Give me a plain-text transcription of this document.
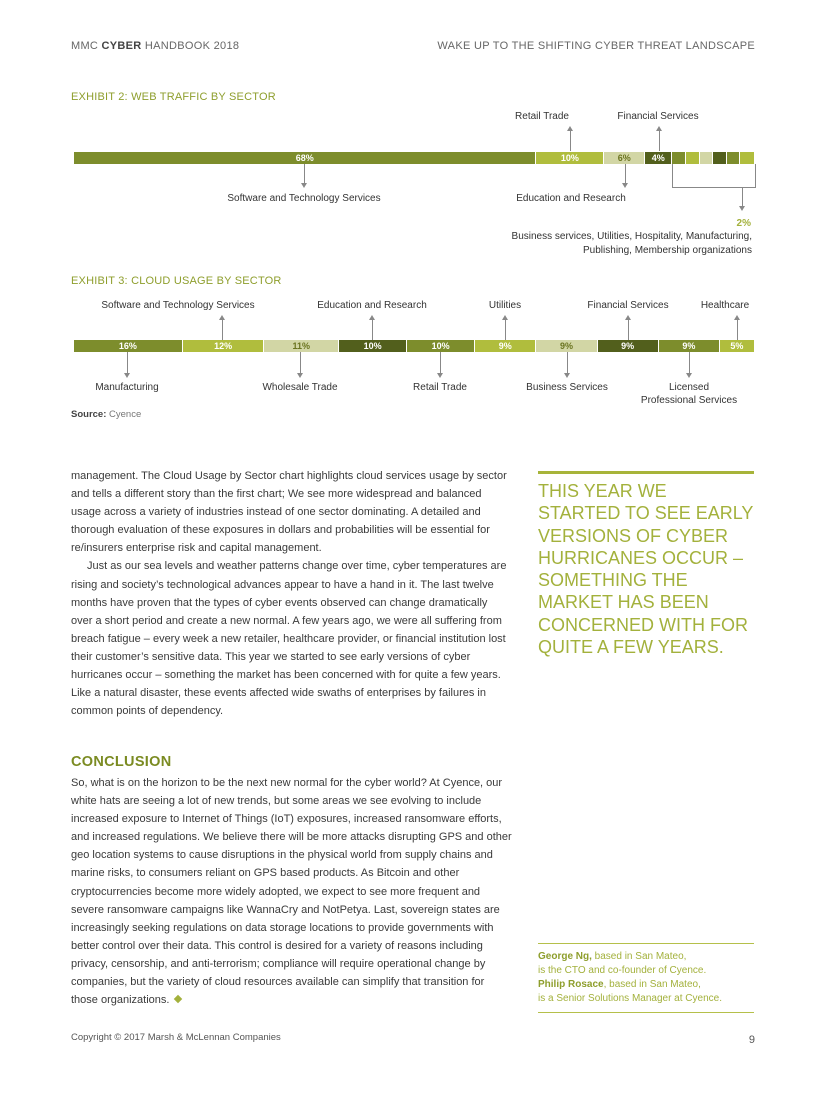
MMC CYBER HANDBOOK 2018	WAKE UP TO THE SHIFTING CYBER THREAT LANDSCAPE
EXHIBIT 2: WEB TRAFFIC BY SECTOR
Retail Trade	Financial Services
68%	10%	6%	4%
Software and Technology Services	Education and Research
2%
Business services, Utilities, Hospitality, Manufacturing,
Publishing, Membership organizations
EXHIBIT 3: CLOUD USAGE BY SECTOR
Software and Technology Services	Education and Research	Utilities	Financial Services	Healthcare
16%	12%	11%	10%	10%	9%	9%	9%	9%	5%
Manufacturing	Wholesale Trade	Retail Trade	Business Services	Licensed
Professional Services
Source: Cyence

management. The Cloud Usage by Sector chart highlights cloud services usage by sector and tells a different story than the first chart; We see more widespread and balanced usage across a variety of industries instead of one sector dominating. A detailed and thorough evaluation of these exposures in dollars and probabilities will be essential for re/insurers enterprise risk and capital management.

Just as our sea levels and weather patterns change over time, cyber temperatures are rising and society’s technological advances appear to have a hand in it. The last twelve months have proven that the types of cyber events observed can change dramatically over a short period and create a new normal. A few years ago, we were all suffering from breach fatigue – every week a new retailer, healthcare provider, or financial institution lost their customer’s sensitive data. This year we started to see early versions of cyber hurricanes occur – something the market has been concerned with for quite a few years. Like a natural disaster, these events affected wide swaths of enterprises by failures in common points of dependency.

THIS YEAR WE STARTED TO SEE EARLY VERSIONS OF CYBER HURRICANES OCCUR – SOMETHING THE MARKET HAS BEEN CONCERNED WITH FOR QUITE A FEW YEARS.
CONCLUSION
So, what is on the horizon to be the next new normal for the cyber world? At Cyence, our white hats are seeing a lot of new trends, but some areas we see evolving to include increased exposure to Internet of Things (IoT) exposures, increased ransomware efforts, and increased regulations. We believe there will be more attacks disrupting GPS and other geo location systems to cause disruptions in the physical world from supply chains and marine risks, to consumers reliant on GPS based products. As Bitcoin and other cryptocurrencies become more widely adopted, we expect to see more frequent and severe ransomware campaigns like WannaCry and NotPetya. Last, sovereign states are increasingly seeking regulations on data storage locations to provide governments with better control over their data. This control is desired for a variety of reasons including privacy, censorship, and anti-terrorism; compliance will require operational change by companies, but the variety of cloud resources available can simplify that transition for those organizations.
George Ng, based in San Mateo,
is the CTO and co-founder of Cyence.
Philip Rosace, based in San Mateo,
is a Senior Solutions Manager at Cyence.
Copyright © 2017 Marsh & McLennan Companies	9
